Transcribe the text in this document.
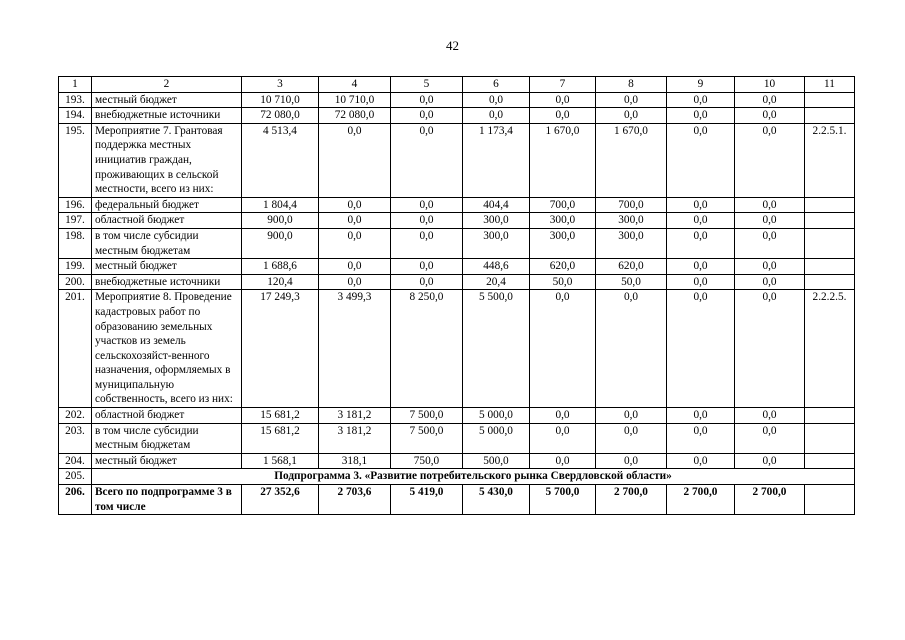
42
1	2	3	4	5	6	7	8	9	10	11
193.	местный бюджет	10 710,0	10 710,0	0,0	0,0	0,0	0,0	0,0	0,0	
194.	внебюджетные источники	72 080,0	72 080,0	0,0	0,0	0,0	0,0	0,0	0,0	
195.	Мероприятие 7. Грантовая поддержка местных инициатив граждан, проживающих в сельской местности, всего из них:	4 513,4	0,0	0,0	1 173,4	1 670,0	1 670,0	0,0	0,0	2.2.5.1.
196.	федеральный бюджет	1 804,4	0,0	0,0	404,4	700,0	700,0	0,0	0,0	
197.	областной бюджет	900,0	0,0	0,0	300,0	300,0	300,0	0,0	0,0	
198.	в том числе субсидии местным бюджетам	900,0	0,0	0,0	300,0	300,0	300,0	0,0	0,0	
199.	местный бюджет	1 688,6	0,0	0,0	448,6	620,0	620,0	0,0	0,0	
200.	внебюджетные источники	120,4	0,0	0,0	20,4	50,0	50,0	0,0	0,0	
201.	Мероприятие 8. Проведение кадастровых работ по образованию земельных участков из земель сельскохозяйст-венного назначения, оформляемых в муниципальную собственность, всего из них:	17 249,3	3 499,3	8 250,0	5 500,0	0,0	0,0	0,0	0,0	2.2.2.5.
202.	областной бюджет	15 681,2	3 181,2	7 500,0	5 000,0	0,0	0,0	0,0	0,0	
203.	в том числе субсидии местным бюджетам	15 681,2	3 181,2	7 500,0	5 000,0	0,0	0,0	0,0	0,0	
204.	местный бюджет	1 568,1	318,1	750,0	500,0	0,0	0,0	0,0	0,0	
205.	Подпрограмма 3. «Развитие потребительского рынка Свердловской области»									
206.	Всего по подпрограмме 3 в том числе	27 352,6	2 703,6	5 419,0	5 430,0	5 700,0	2 700,0	2 700,0	2 700,0	
